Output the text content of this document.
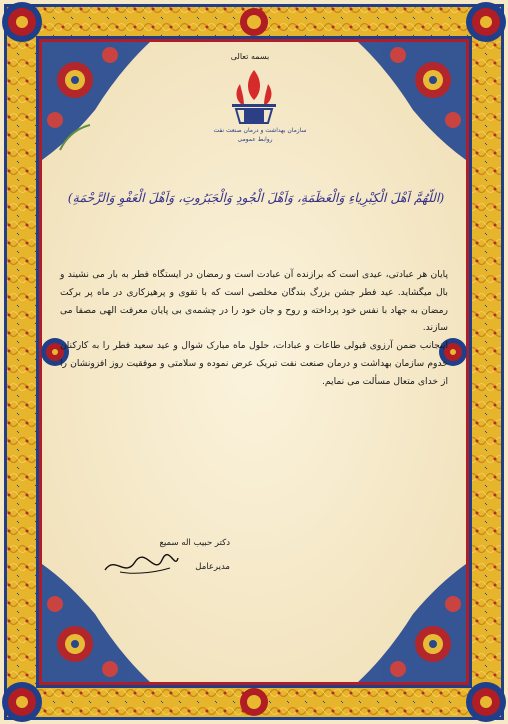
بسمه تعالی
سازمان بهداشت و درمان صنعت نفت
روابط عمومی
(اللّهُمَّ اَهْلَ الْكِبْرِیاءِ وَالْعَظَمَةِ، وَاَهْلَ الْجُودِ وَالْجَبَرُوتِ، وَاَهْلَ الْعَفْوِ وَالرَّحْمَةِ)

پایان هر عبادتی، عیدی است که برازنده آن عبادت است و رمضان در ایستگاه فطر به بار می نشیند و بال میگشاید. عید فطر جشن بزرگ بندگان مخلصی است که با تقوی و پرهیزکاری در ماه پر برکت رمضان به جهاد با نفس خود پرداخته و روح و جان خود را در چشمه‌ی بی پایان معرفت الهی مصفا می سازند.

اینجانب ضمن آرزوی قبولی طاعات و عبادات، حلول ماه مبارک شوال و عید سعید فطر را به کارکنان خدوم سازمان بهداشت و درمان صنعت نفت تبریک عرض نموده و سلامتی و موفقیت روز افزونشان را از خدای متعال مسألت می نمایم.

دکتر حبیب اله سمیع
مدیرعامل
